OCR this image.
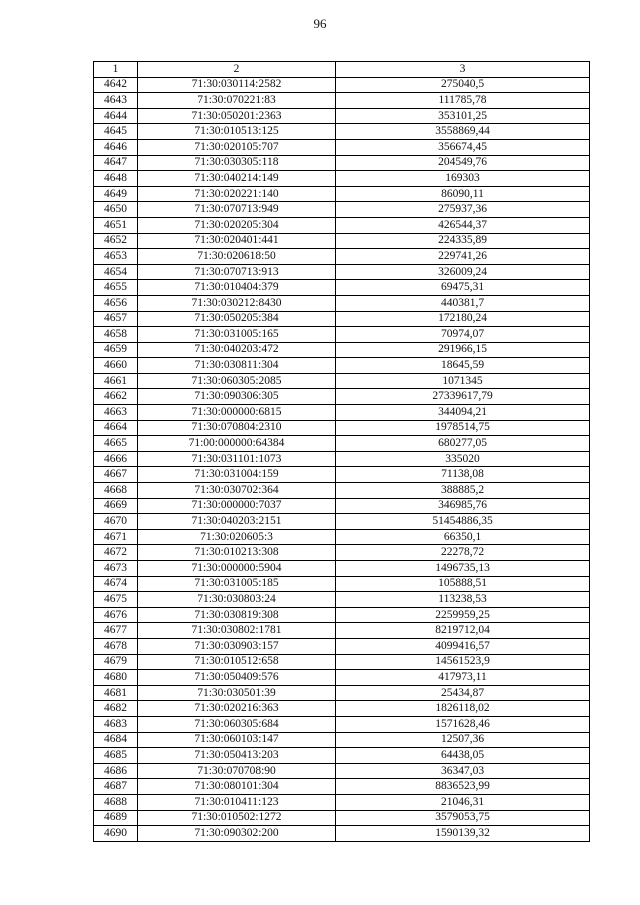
96
1	2	3
4642	71:30:030114:2582	275040,5
4643	71:30:070221:83	111785,78
4644	71:30:050201:2363	353101,25
4645	71:30:010513:125	3558869,44
4646	71:30:020105:707	356674,45
4647	71:30:030305:118	204549,76
4648	71:30:040214:149	169303
4649	71:30:020221:140	86090,11
4650	71:30:070713:949	275937,36
4651	71:30:020205:304	426544,37
4652	71:30:020401:441	224335,89
4653	71:30:020618:50	229741,26
4654	71:30:070713:913	326009,24
4655	71:30:010404:379	69475,31
4656	71:30:030212:8430	440381,7
4657	71:30:050205:384	172180,24
4658	71:30:031005:165	70974,07
4659	71:30:040203:472	291966,15
4660	71:30:030811:304	18645,59
4661	71:30:060305:2085	1071345
4662	71:30:090306:305	27339617,79
4663	71:30:000000:6815	344094,21
4664	71:30:070804:2310	1978514,75
4665	71:00:000000:64384	680277,05
4666	71:30:031101:1073	335020
4667	71:30:031004:159	71138,08
4668	71:30:030702:364	388885,2
4669	71:30:000000:7037	346985,76
4670	71:30:040203:2151	51454886,35
4671	71:30:020605:3	66350,1
4672	71:30:010213:308	22278,72
4673	71:30:000000:5904	1496735,13
4674	71:30:031005:185	105888,51
4675	71:30:030803:24	113238,53
4676	71:30:030819:308	2259959,25
4677	71:30:030802:1781	8219712,04
4678	71:30:030903:157	4099416,57
4679	71:30:010512:658	14561523,9
4680	71:30:050409:576	417973,11
4681	71:30:030501:39	25434,87
4682	71:30:020216:363	1826118,02
4683	71:30:060305:684	1571628,46
4684	71:30:060103:147	12507,36
4685	71:30:050413:203	64438,05
4686	71:30:070708:90	36347,03
4687	71:30:080101:304	8836523,99
4688	71:30:010411:123	21046,31
4689	71:30:010502:1272	3579053,75
4690	71:30:090302:200	1590139,32
